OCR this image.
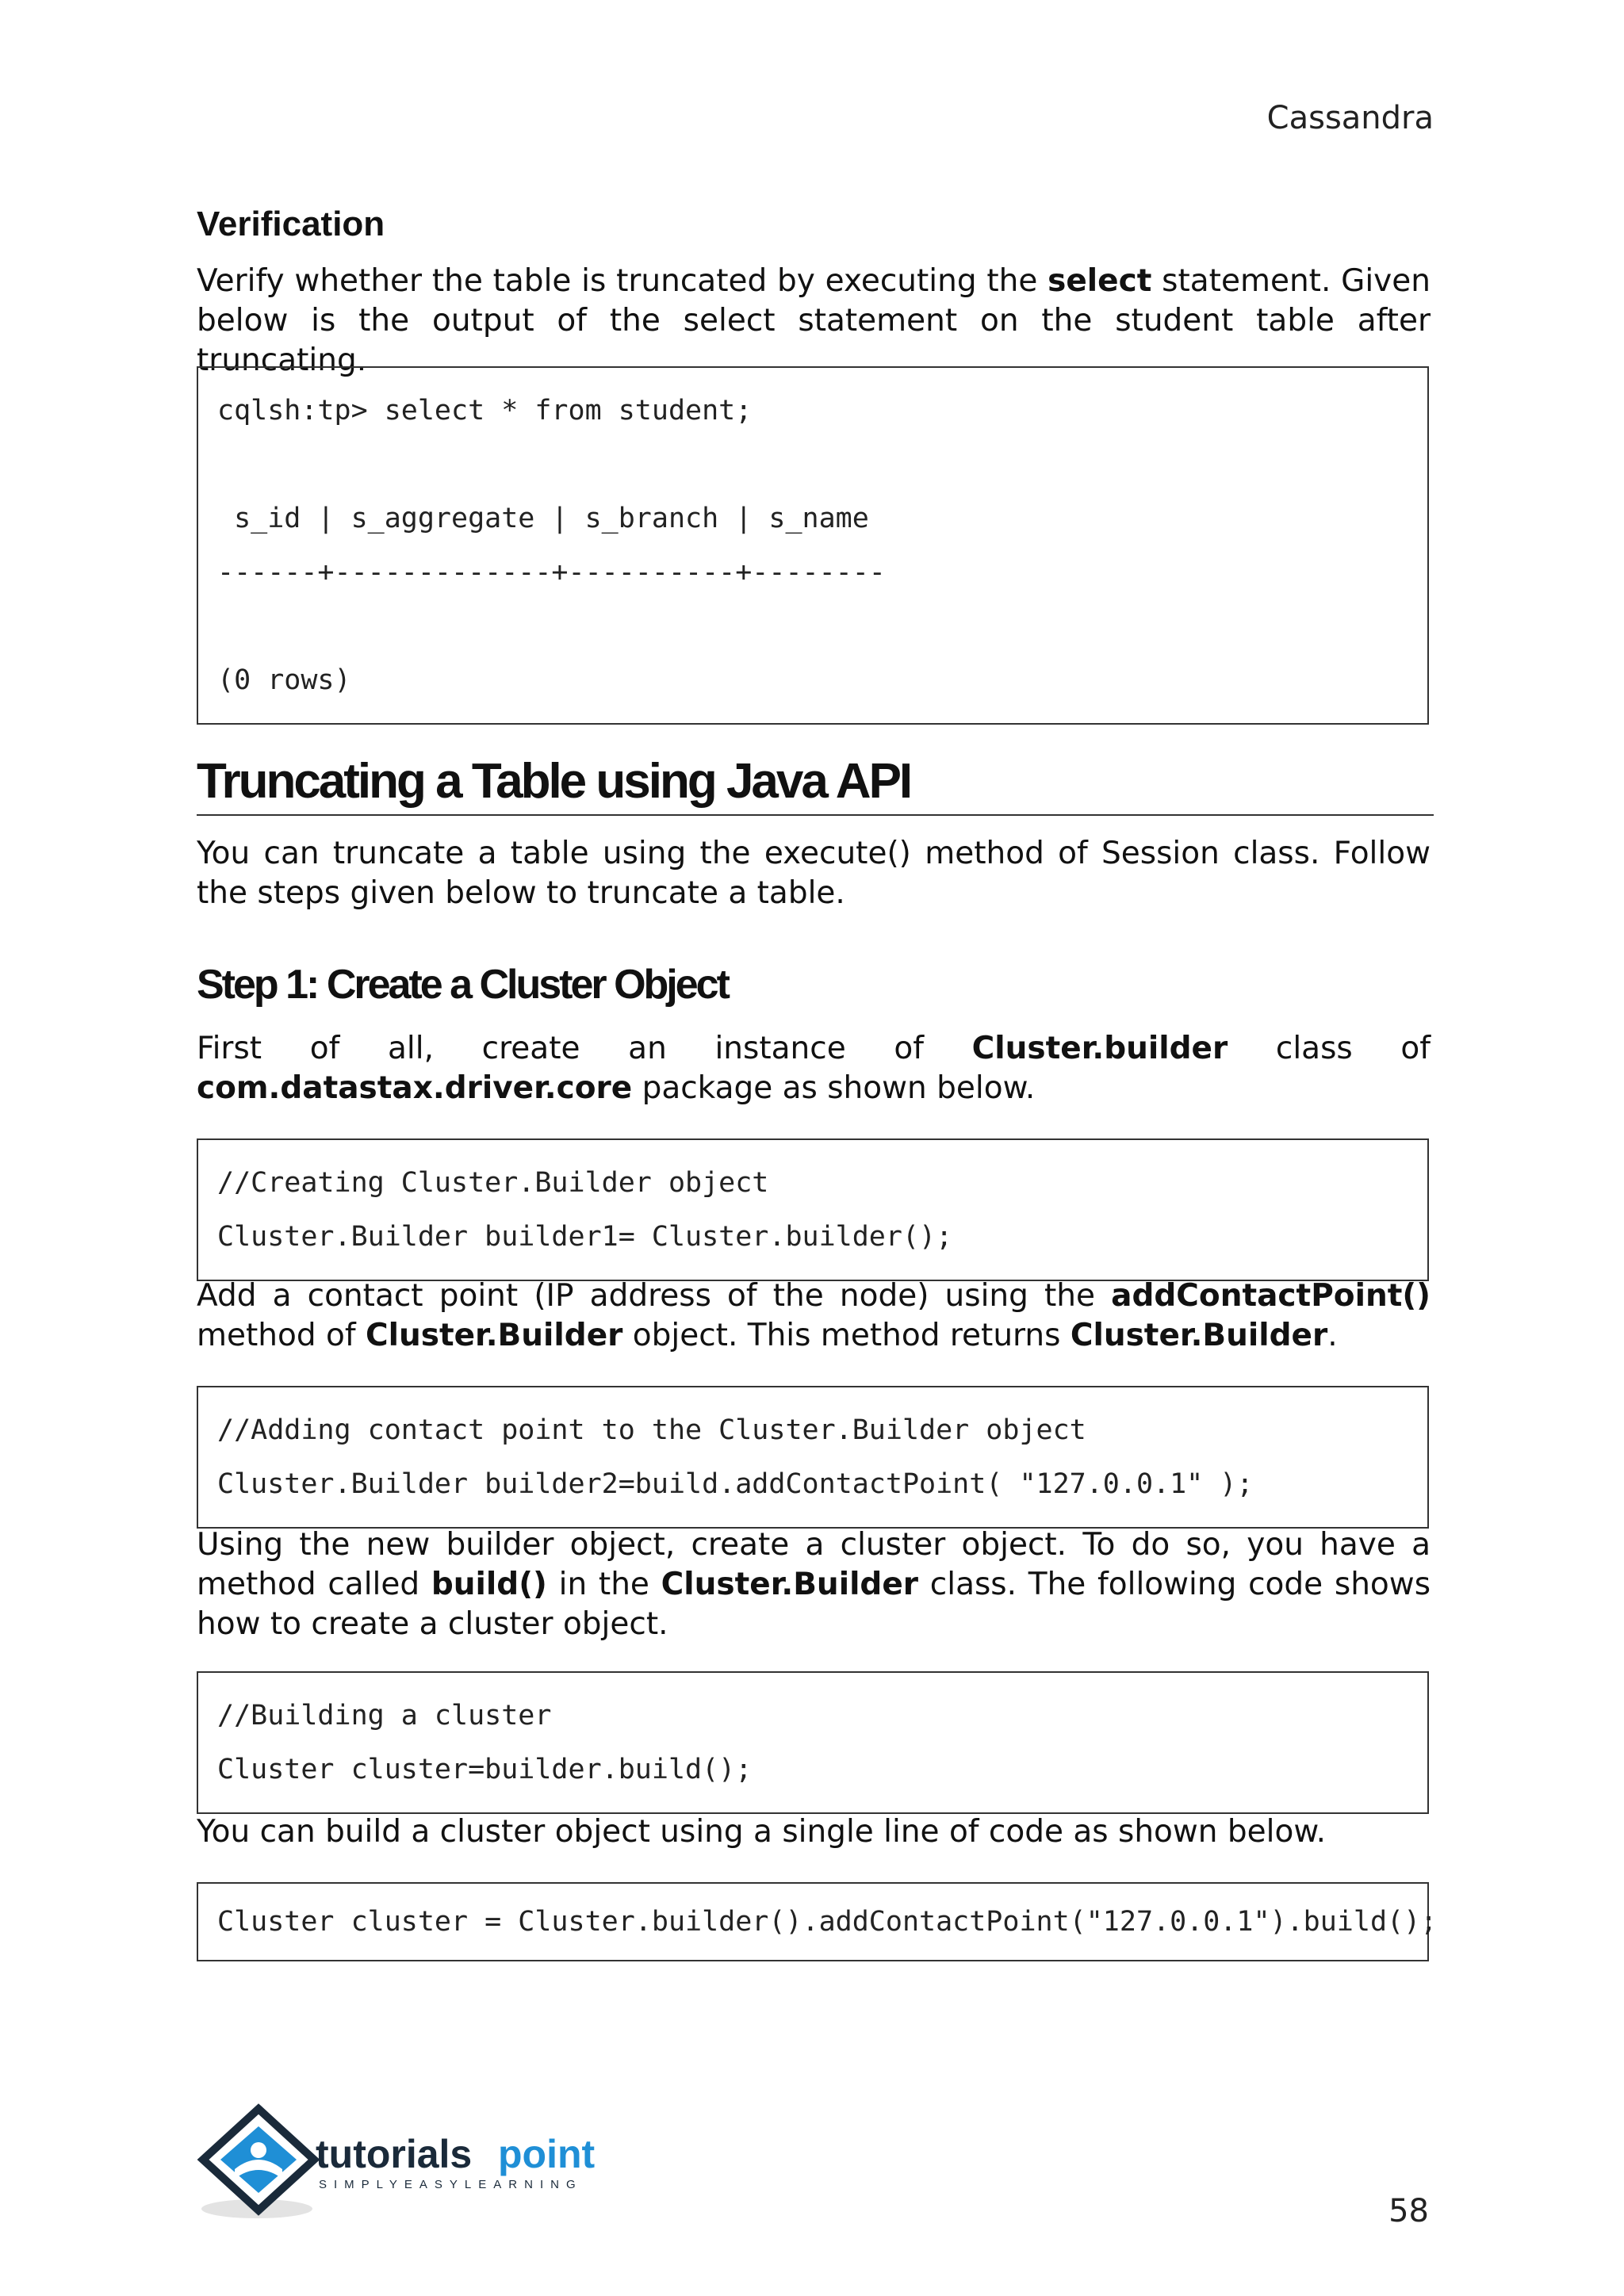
Cassandra
Verification
Verify whether the table is truncated by executing the select statement. Given below is the output of the select statement on the student table after truncating.
cqlsh:tp> select * from student;
s_id | s_aggregate | s_branch | s_name
------+-------------+----------+--------
(0 rows)
Truncating a Table using Java API
You can truncate a table using the execute() method of Session class. Follow the steps given below to truncate a table.
Step 1: Create a Cluster Object
First of all, create an instance of Cluster.builder class of com.datastax.driver.core package as shown below.
//Creating Cluster.Builder object
Cluster.Builder builder1= Cluster.builder();
Add a contact point (IP address of the node) using the addContactPoint() method of Cluster.Builder object. This method returns Cluster.Builder.
//Adding contact point to the Cluster.Builder object
Cluster.Builder builder2=build.addContactPoint( "127.0.0.1" );
Using the new builder object, create a cluster object. To do so, you have a method called build() in the Cluster.Builder class. The following code shows how to create a cluster object.
//Building a cluster
Cluster cluster=builder.build();
You can build a cluster object using a single line of code as shown below.
Cluster cluster = Cluster.builder().addContactPoint("127.0.0.1").build();
tutorials point
SIMPLYEASYLEARNING
58
